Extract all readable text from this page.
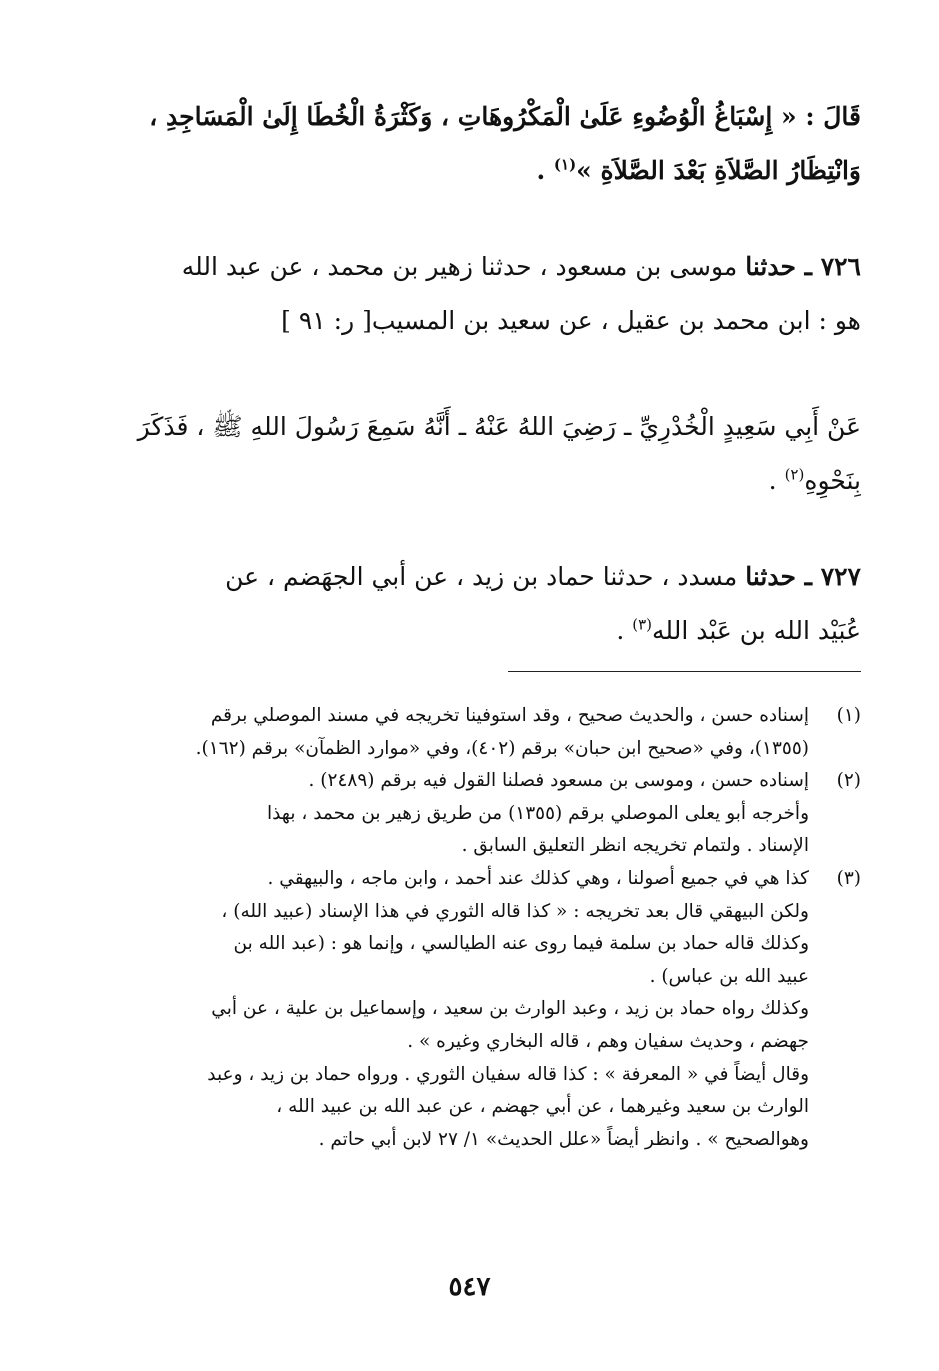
قَالَ : « إِسْبَاغُ الْوُضُوءِ عَلَىٰ الْمَكْرُوهَاتِ ، وَكَثْرَةُ الْخُطَا إِلَىٰ الْمَسَاجِدِ ،

وَانْتِظَارُ الصَّلاَةِ بَعْدَ الصَّلاَةِ »$^{(١)}$ .

٧٢٦ ـ حدثنا موسى بن مسعود ، حدثنا زهير بن محمد ، عن عبد الله

هو : ابن محمد بن عقيل ، عن سعيد بن المسيب[ ر: ٩١ ]

عَنْ أَبِي سَعِيدٍ الْخُدْرِيِّ ـ رَضِيَ اللهُ عَنْهُ ـ أَنَّهُ سَمِعَ رَسُولَ اللهِ ﷺ ، فَذَكَرَ

بِنَحْوِهِ$^{(٢)}$ .

٧٢٧ ـ حدثنا مسدد ، حدثنا حماد بن زيد ، عن أبي الجهَضم ، عن

عُبَيْد الله بن عَبْد الله$^{(٣)}$ .

(١)

إسناده حسن ، والحديث صحيح ، وقد استوفينا تخريجه في مسند الموصلي برقم

(١٣٥٥)، وفي «صحيح ابن حبان» برقم (٤٠٢)، وفي «موارد الظمآن» برقم (١٦٢).

(٢)

إسناده حسن ، وموسى بن مسعود فصلنا القول فيه برقم (٢٤٨٩) .

وأخرجه أبو يعلى الموصلي برقم (١٣٥٥) من طريق زهير بن محمد ، بهذا

الإسناد . ولتمام تخريجه انظر التعليق السابق .

(٣)

كذا هي في جميع أصولنا ، وهي كذلك عند أحمد ، وابن ماجه ، والبيهقي .

ولكن البيهقي قال بعد تخريجه : « كذا قاله الثوري في هذا الإسناد (عبيد الله) ،

وكذلك قاله حماد بن سلمة فيما روى عنه الطيالسي ، وإنما هو : (عبد الله بن

عبيد الله بن عباس) .

وكذلك رواه حماد بن زيد ، وعبد الوارث بن سعيد ، وإسماعيل بن علية ، عن أبي

جهضم ، وحديث سفيان وهم ، قاله البخاري وغيره » .

وقال أيضاً في « المعرفة » : كذا قاله سفيان الثوري . ورواه حماد بن زيد ، وعبد

الوارث بن سعيد وغيرهما ، عن أبي جهضم ، عن عبد الله بن عبيد الله ،

وهوالصحيح » . وانظر أيضاً «علل الحديث» ١/ ٢٧ لابن أبي حاتم .

٥٤٧
